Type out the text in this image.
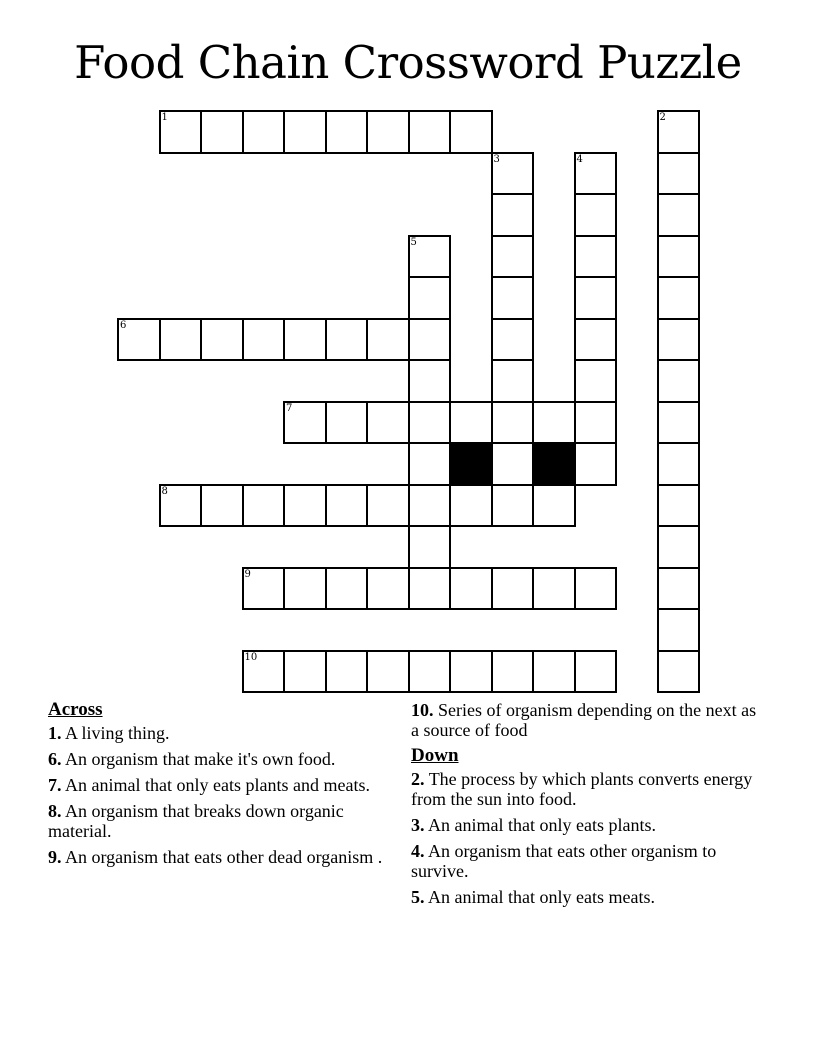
Food Chain Crossword Puzzle
1
6
7
8
9
10
2
3	4
5
Across
1. A living thing.
6. An organism that make it's own food.
7. An animal that only eats plants and meats.
8. An organism that breaks down organic material.
9. An organism that eats other dead organism .
10. Series of organism depending on the next as a source of food
Down
2. The process by which plants converts energy from the sun into food.
3. An animal that only eats plants.
4. An organism that eats other organism to survive.
5. An animal that only eats meats.
